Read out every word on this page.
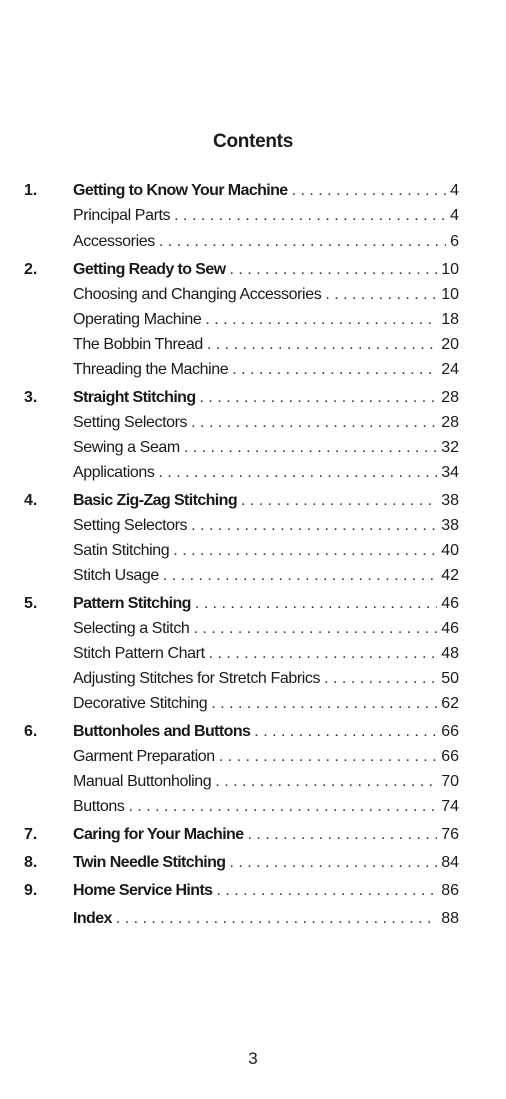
Contents
1. Getting to Know Your Machine . . .	4
Principal Parts . . .	4
Accessories . . .	6
2. Getting Ready to Sew . . .	10
Choosing and Changing Accessories . . .	10
Operating Machine . . .	18
The Bobbin Thread . . .	20
Threading the Machine . . .	24
3. Straight Stitching . . .	28
Setting Selectors . . .	28
Sewing a Seam . . .	32
Applications . . .	34
4. Basic Zig-Zag Stitching . . .	38
Setting Selectors . . .	38
Satin Stitching . . .	40
Stitch Usage . . .	42
5. Pattern Stitching . . .	46
Selecting a Stitch . . .	46
Stitch Pattern Chart . . .	48
Adjusting Stitches for Stretch Fabrics . . .	50
Decorative Stitching . . .	62
6. Buttonholes and Buttons . . .	66
Garment Preparation . . .	66
Manual Buttonholing . . .	70
Buttons . . .	74
7. Caring for Your Machine . . .	76
8. Twin Needle Stitching . . .	84
9. Home Service Hints . . .	86
Index . . .	88
3
